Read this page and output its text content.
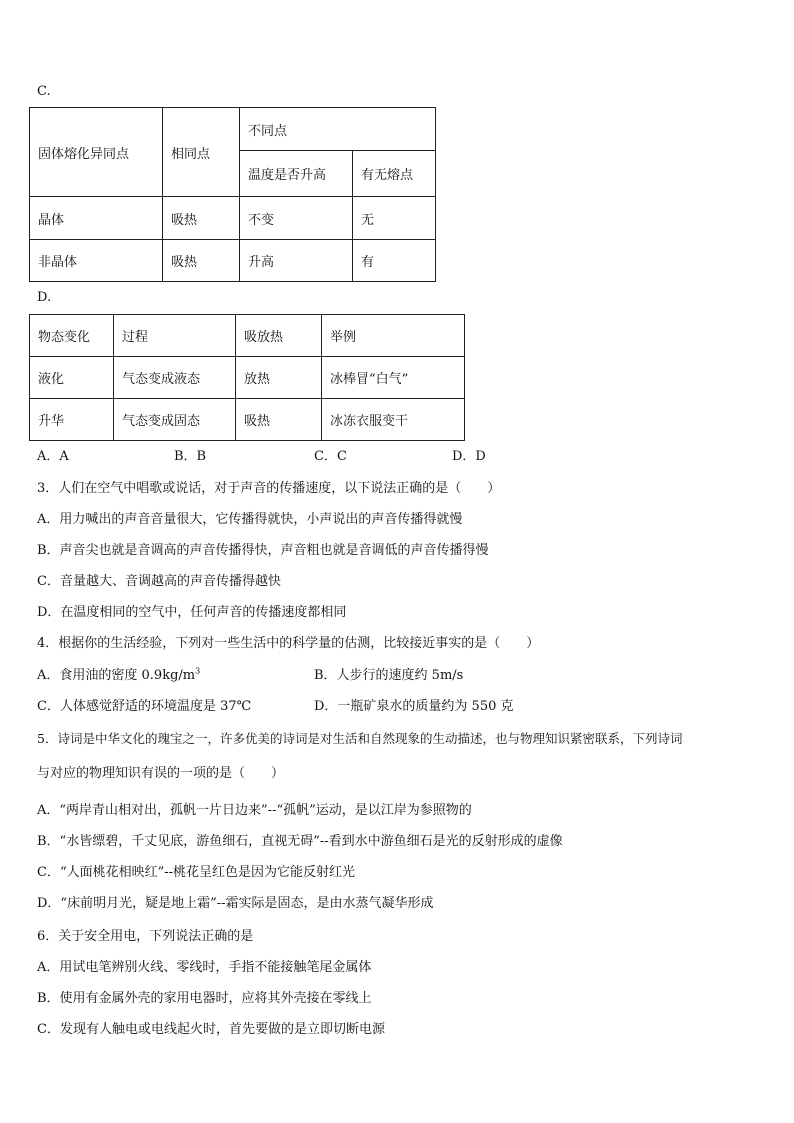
C.
固体熔化异同点	相同点	不同点	
		温度是否升高	有无熔点
晶体	吸热	不变	无
非晶体	吸热	升高	有
D.
物态变化	过程	吸放热	举例
液化	气态变成液态	放热	冰棒冒“白气”
升华	气态变成固态	吸热	冰冻衣服变干
A．A	B．B	C．C	D．D
3．人们在空气中唱歌或说话，对于声音的传播速度，以下说法正确的是（　　）
A．用力喊出的声音音量很大，它传播得就快，小声说出的声音传播得就慢
B．声音尖也就是音调高的声音传播得快，声音粗也就是音调低的声音传播得慢
C．音量越大、音调越高的声音传播得越快
D．在温度相同的空气中，任何声音的传播速度都相同
4．根据你的生活经验，下列对一些生活中的科学量的估测，比较接近事实的是（　　）
A．食用油的密度 $0.9kg/m^3$	B．人步行的速度约 5m/s
C．人体感觉舒适的环境温度是 37℃	D．一瓶矿泉水的质量约为 550 克
5．诗词是中华文化的瑰宝之一，许多优美的诗词是对生活和自然现象的生动描述，也与物理知识紧密联系，下列诗词
与对应的物理知识有误的一项的是（　　）
A．“两岸青山相对出，孤帆一片日边来”--“孤帆”运动，是以江岸为参照物的
B．“水皆缥碧，千丈见底，游鱼细石，直视无碍”--看到水中游鱼细石是光的反射形成的虚像
C．“人面桃花相映红”--桃花呈红色是因为它能反射红光
D．“床前明月光，疑是地上霜”--霜实际是固态，是由水蒸气凝华形成
6．关于安全用电，下列说法正确的是
A．用试电笔辨别火线、零线时，手指不能接触笔尾金属体
B．使用有金属外壳的家用电器时，应将其外壳接在零线上
C．发现有人触电或电线起火时，首先要做的是立即切断电源
